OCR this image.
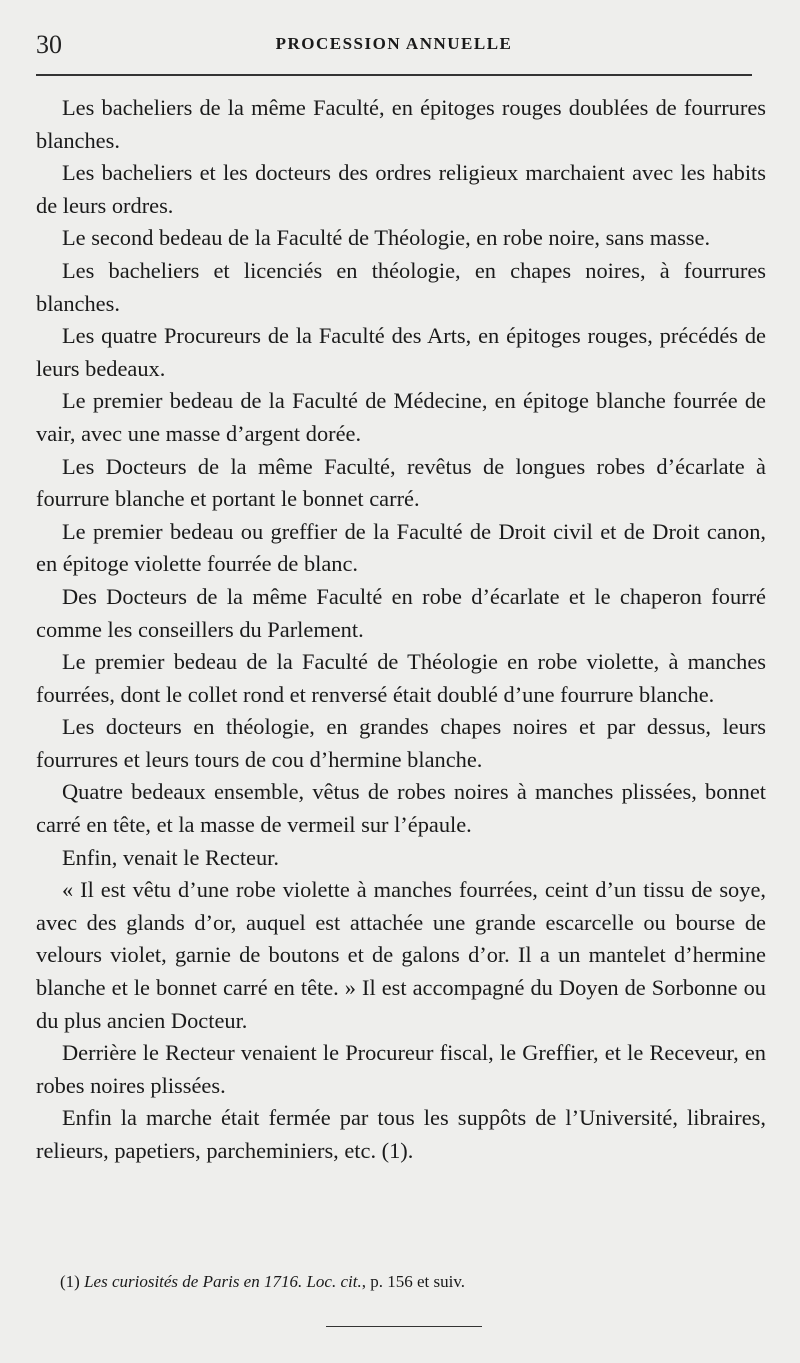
30	PROCESSION ANNUELLE

Les bacheliers de la même Faculté, en épitoges rouges doublées de fourrures blanches.

Les bacheliers et les docteurs des ordres religieux marchaient avec les habits de leurs ordres.

Le second bedeau de la Faculté de Théologie, en robe noire, sans masse.

Les bacheliers et licenciés en théologie, en chapes noires, à fourrures blanches.

Les quatre Procureurs de la Faculté des Arts, en épitoges rouges, précédés de leurs bedeaux.

Le premier bedeau de la Faculté de Médecine, en épitoge blanche fourrée de vair, avec une masse d’argent dorée.

Les Docteurs de la même Faculté, revêtus de longues robes d’écarlate à fourrure blanche et portant le bonnet carré.

Le premier bedeau ou greffier de la Faculté de Droit civil et de Droit canon, en épitoge violette fourrée de blanc.

Des Docteurs de la même Faculté en robe d’écarlate et le chaperon fourré comme les conseillers du Parlement.

Le premier bedeau de la Faculté de Théologie en robe violette, à manches fourrées, dont le collet rond et renversé était doublé d’une fourrure blanche.

Les docteurs en théologie, en grandes chapes noires et par dessus, leurs fourrures et leurs tours de cou d’hermine blanche.

Quatre bedeaux ensemble, vêtus de robes noires à manches plissées, bonnet carré en tête, et la masse de vermeil sur l’épaule.

Enfin, venait le Recteur.

« Il est vêtu d’une robe violette à manches fourrées, ceint d’un tissu de soye, avec des glands d’or, auquel est attachée une grande escarcelle ou bourse de velours violet, garnie de boutons et de galons d’or. Il a un mantelet d’hermine blanche et le bonnet carré en tête. » Il est accompagné du Doyen de Sorbonne ou du plus ancien Docteur.

Derrière le Recteur venaient le Procureur fiscal, le Greffier, et le Receveur, en robes noires plissées.

Enfin la marche était fermée par tous les suppôts de l’Université, libraires, relieurs, papetiers, parcheminiers, etc. (1).

(1) Les curiosités de Paris en 1716. Loc. cit., p. 156 et suiv.
